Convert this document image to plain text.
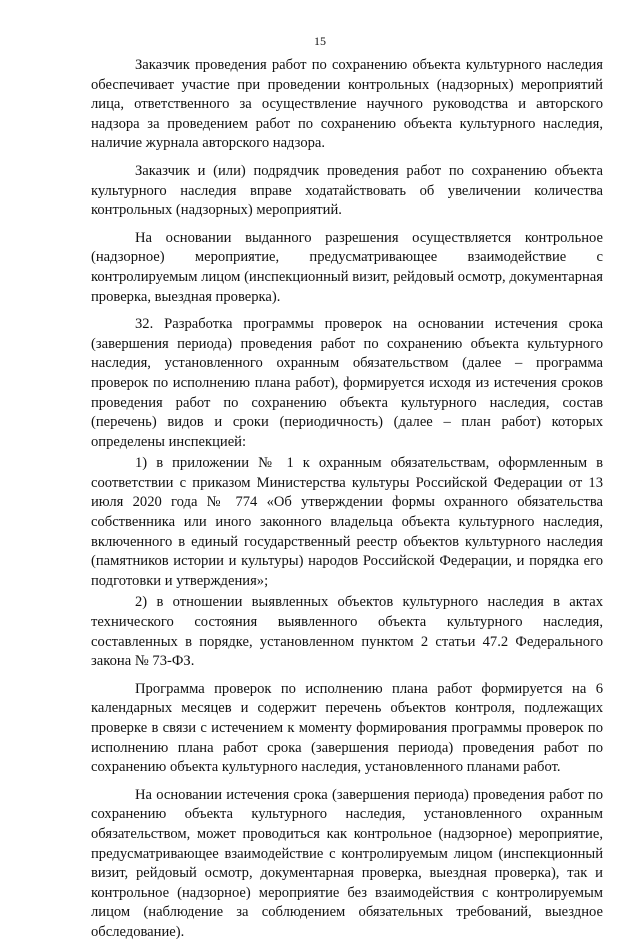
15

Заказчик проведения работ по сохранению объекта культурного наследия обеспечивает участие при проведении контрольных (надзорных) мероприятий лица, ответственного за осуществление научного руководства и авторского надзора за проведением работ по сохранению объекта культурного наследия, наличие журнала авторского надзора.

Заказчик и (или) подрядчик проведения работ по сохранению объекта культурного наследия вправе ходатайствовать об увеличении количества контрольных (надзорных) мероприятий.

На основании выданного разрешения осуществляется контрольное (надзорное) мероприятие, предусматривающее взаимодействие с контролируемым лицом (инспекционный визит, рейдовый осмотр, документарная проверка, выездная проверка).

32. Разработка программы проверок на основании истечения срока (завершения периода) проведения работ по сохранению объекта культурного наследия, установленного охранным обязательством (далее – программа проверок по исполнению плана работ), формируется исходя из истечения сроков проведения работ по сохранению объекта культурного наследия, состав (перечень) видов и сроки (периодичность) (далее – план работ) которых определены инспекцией:

1) в приложении № 1 к охранным обязательствам, оформленным в соответствии с приказом Министерства культуры Российской Федерации от 13 июля 2020 года № 774 «Об утверждении формы охранного обязательства собственника или иного законного владельца объекта культурного наследия, включенного в единый государственный реестр объектов культурного наследия (памятников истории и культуры) народов Российской Федерации, и порядка его подготовки и утверждения»;

2) в отношении выявленных объектов культурного наследия в актах технического состояния выявленного объекта культурного наследия, составленных в порядке, установленном пунктом 2 статьи 47.2 Федерального закона № 73-ФЗ.

Программа проверок по исполнению плана работ формируется на 6 календарных месяцев и содержит перечень объектов контроля, подлежащих проверке в связи с истечением к моменту формирования программы проверок по исполнению плана работ срока (завершения периода) проведения работ по сохранению объекта культурного наследия, установленного планами работ.

На основании истечения срока (завершения периода) проведения работ по сохранению объекта культурного наследия, установленного охранным обязательством, может проводиться как контрольное (надзорное) мероприятие, предусматривающее взаимодействие с контролируемым лицом (инспекционный визит, рейдовый осмотр, документарная проверка, выездная проверка), так и контрольное (надзорное) мероприятие без взаимодействия с контролируемым лицом (наблюдение за соблюдением обязательных требований, выездное обследование).
